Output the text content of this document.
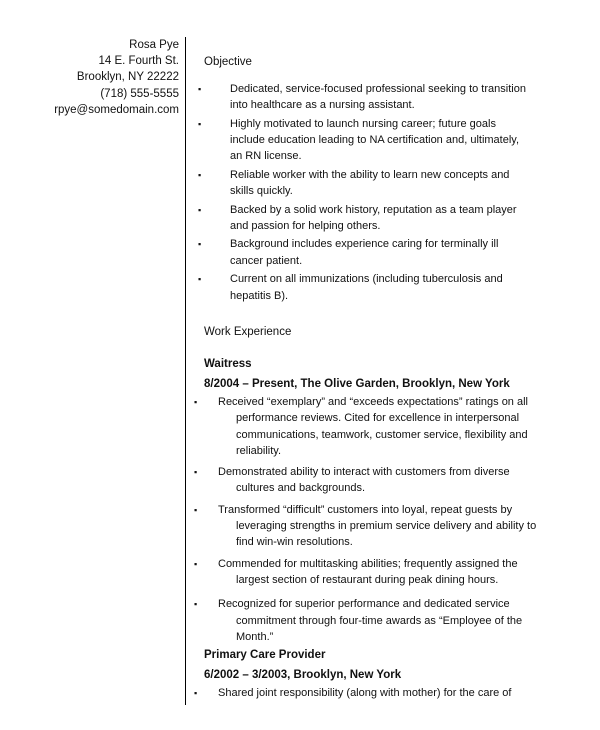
Rosa Pye
14 E. Fourth St.
Brooklyn, NY 22222
(718) 555-5555
rpye@somedomain.com
Objective
▪	Dedicated, service-focused professional seeking to transition into healthcare as a nursing assistant.
▪	Highly motivated to launch nursing career; future goals include education leading to NA certification and, ultimately, an RN license.
▪	Reliable worker with the ability to learn new concepts and skills quickly.
▪	Backed by a solid work history, reputation as a team player and passion for helping others.
▪	Background includes experience caring for terminally ill cancer patient.
▪	Current on all immunizations (including tuberculosis and hepatitis B).
Work Experience
Waitress
8/2004 – Present, The Olive Garden, Brooklyn, New York
▪	Received “exemplary” and “exceeds expectations” ratings on all performance reviews. Cited for excellence in interpersonal communications, teamwork, customer service, flexibility and reliability.
▪	Demonstrated ability to interact with customers from diverse cultures and backgrounds.
▪	Transformed “difficult” customers into loyal, repeat guests by leveraging strengths in premium service delivery and ability to find win-win resolutions.
▪	Commended for multitasking abilities; frequently assigned the largest section of restaurant during peak dining hours.
▪	Recognized for superior performance and dedicated service commitment through four-time awards as “Employee of the Month.”
Primary Care Provider
6/2002 – 3/2003, Brooklyn, New York
▪	Shared joint responsibility (along with mother) for the care of
